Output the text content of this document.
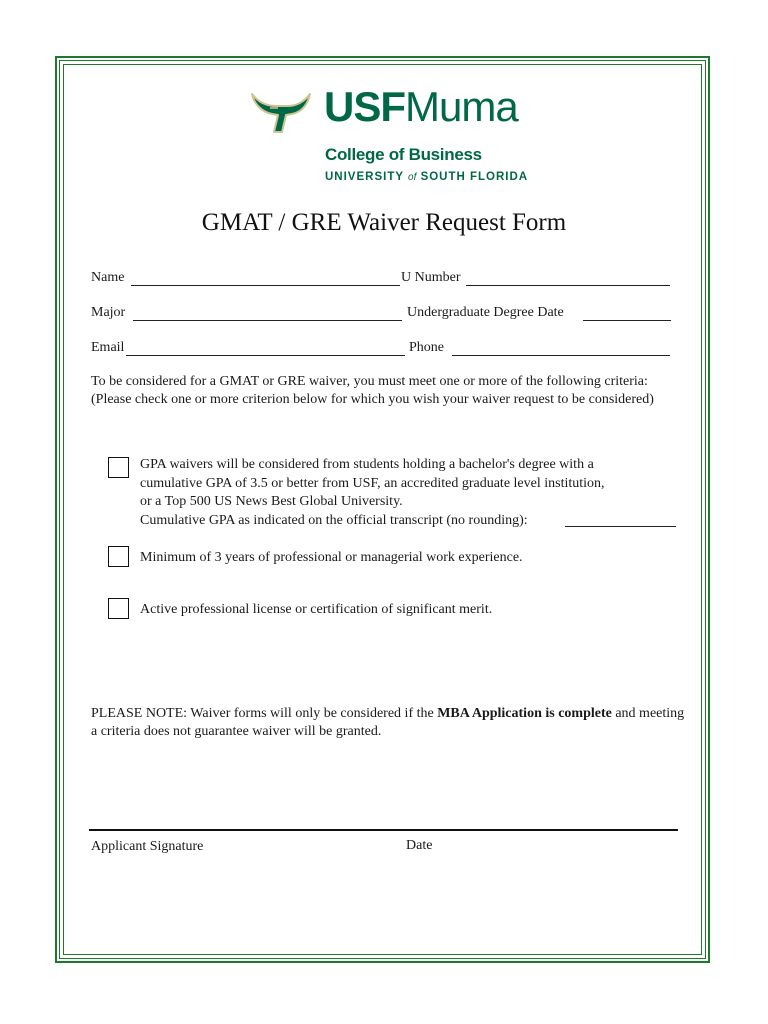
USF Muma
College of Business
UNIVERSITY of SOUTH FLORIDA
GMAT / GRE Waiver Request Form
Name	U Number
Major	Undergraduate Degree Date
Email	Phone
To be considered for a GMAT or GRE waiver, you must meet one or more of the following criteria: (Please check one or more criterion below for which you wish your waiver request to be considered)
GPA waivers will be considered from students holding a bachelor's degree with a
cumulative GPA of 3.5 or better from USF, an accredited graduate level institution,
or a Top 500 US News Best Global University.
Cumulative GPA as indicated on the official transcript (no rounding):
Minimum of 3 years of professional or managerial work experience.
Active professional license or certification of significant merit.
PLEASE NOTE: Waiver forms will only be considered if the MBA Application is complete and meeting a criteria does not guarantee waiver will be granted.
Applicant Signature	Date
